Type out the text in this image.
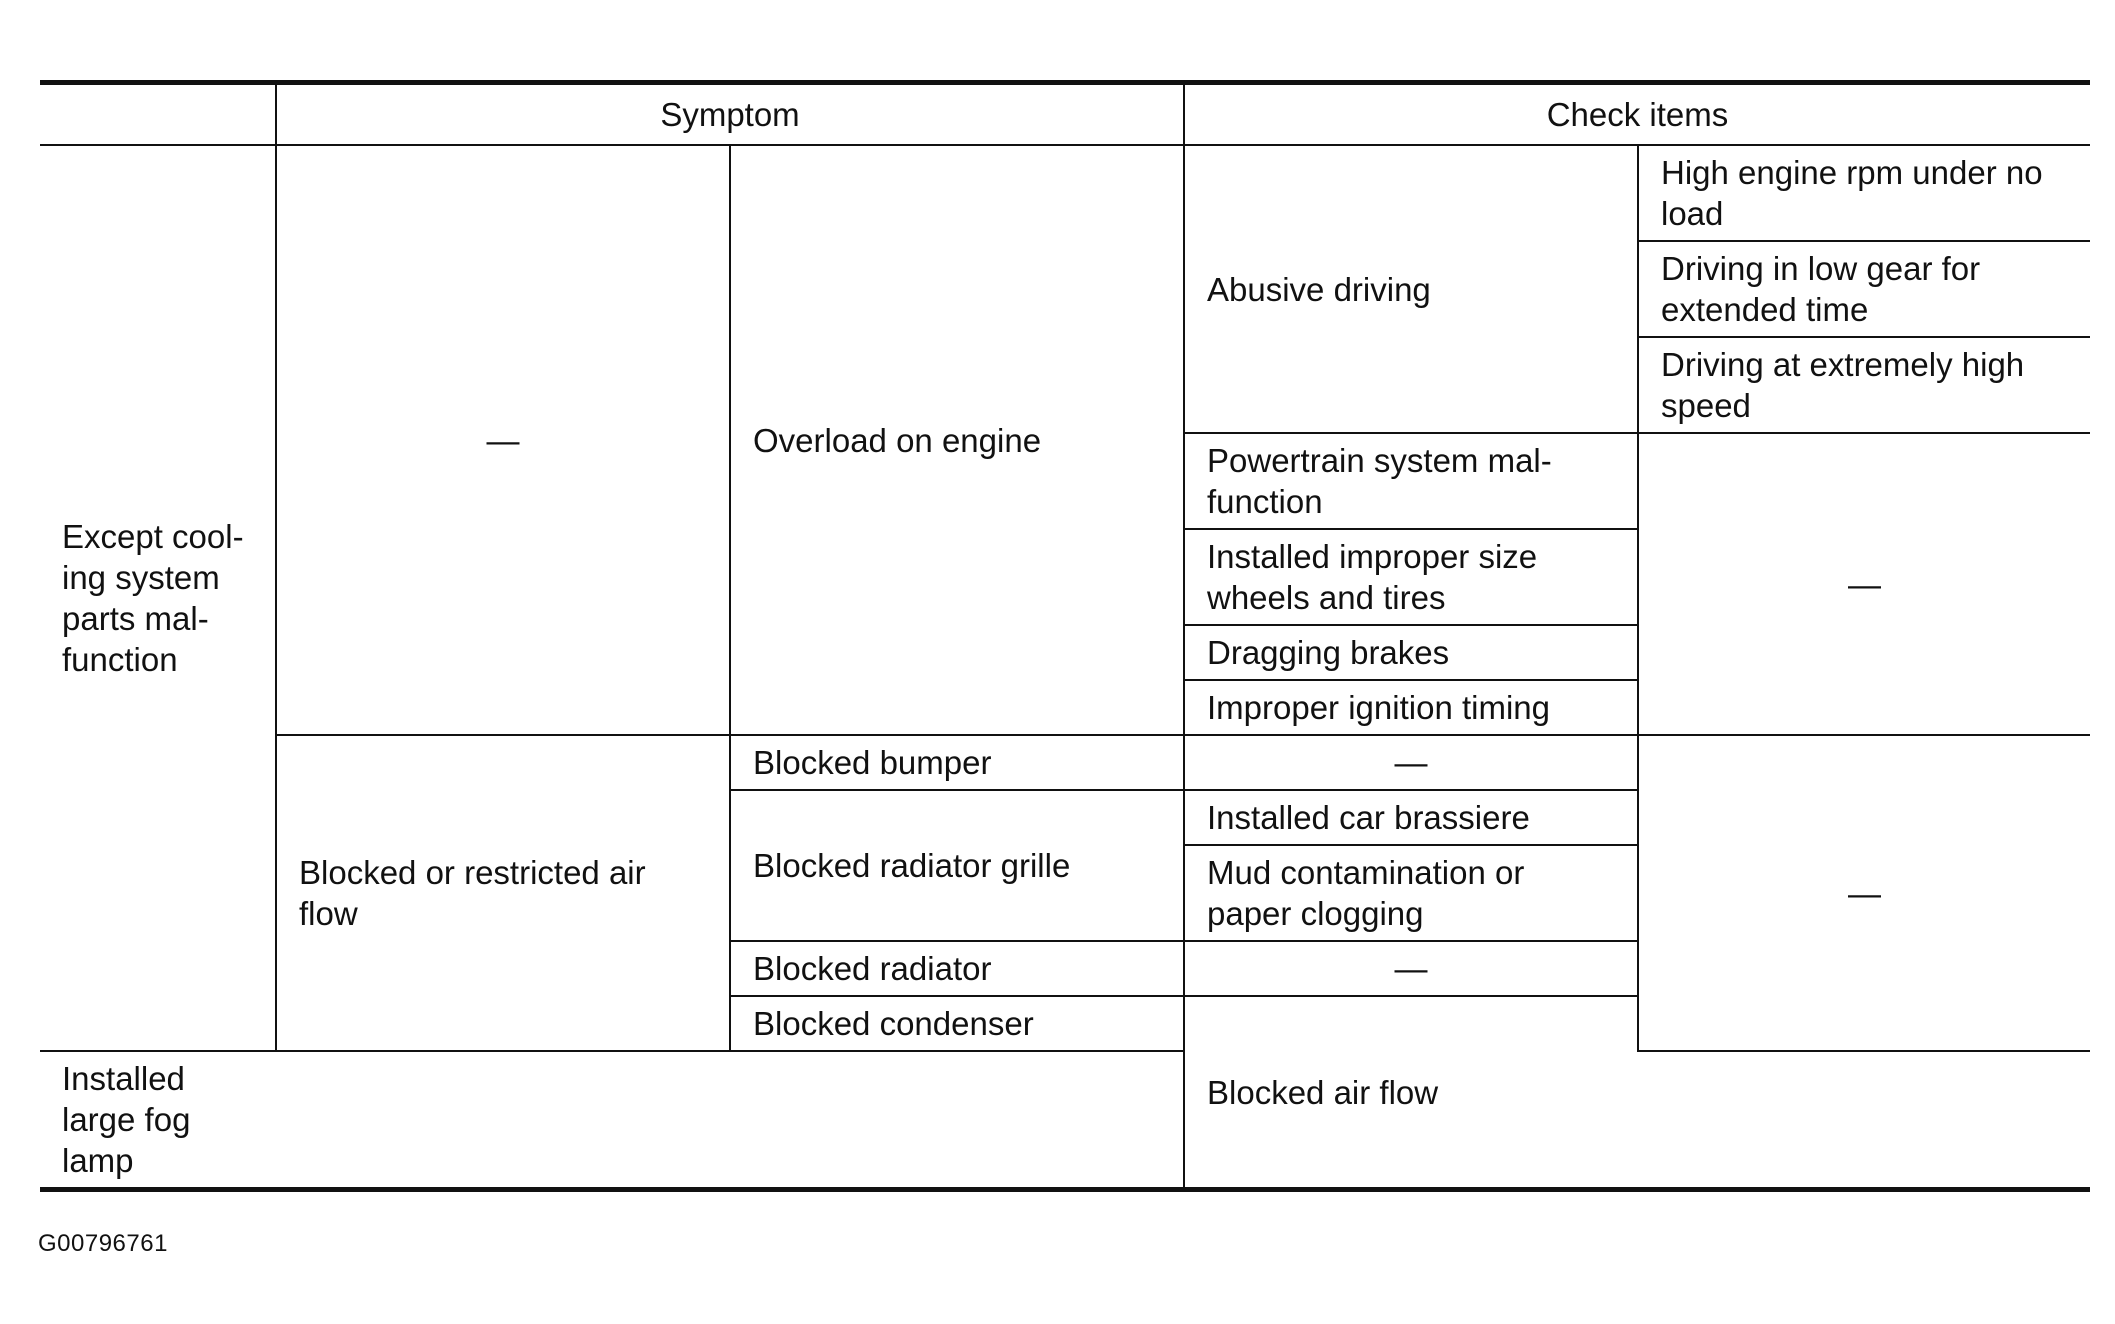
	Symptom		Check items	
Except cool-ing system parts mal-function	—	Overload on engine	Abusive driving	High engine rpm under no load
				Driving in low gear for extended time
				Driving at extremely high speed
			Powertrain system mal-function	—
			Installed improper size wheels and tires	
			Dragging brakes	
			Improper ignition timing	
	Blocked or restricted air flow	Blocked bumper	—	—
		Blocked radiator grille	Installed car brassiere	
			Mud contamination or paper clogging	
		Blocked radiator	—	
		Blocked condenser	Blocked air flow	
Installed large fog lamp				
G00796761
